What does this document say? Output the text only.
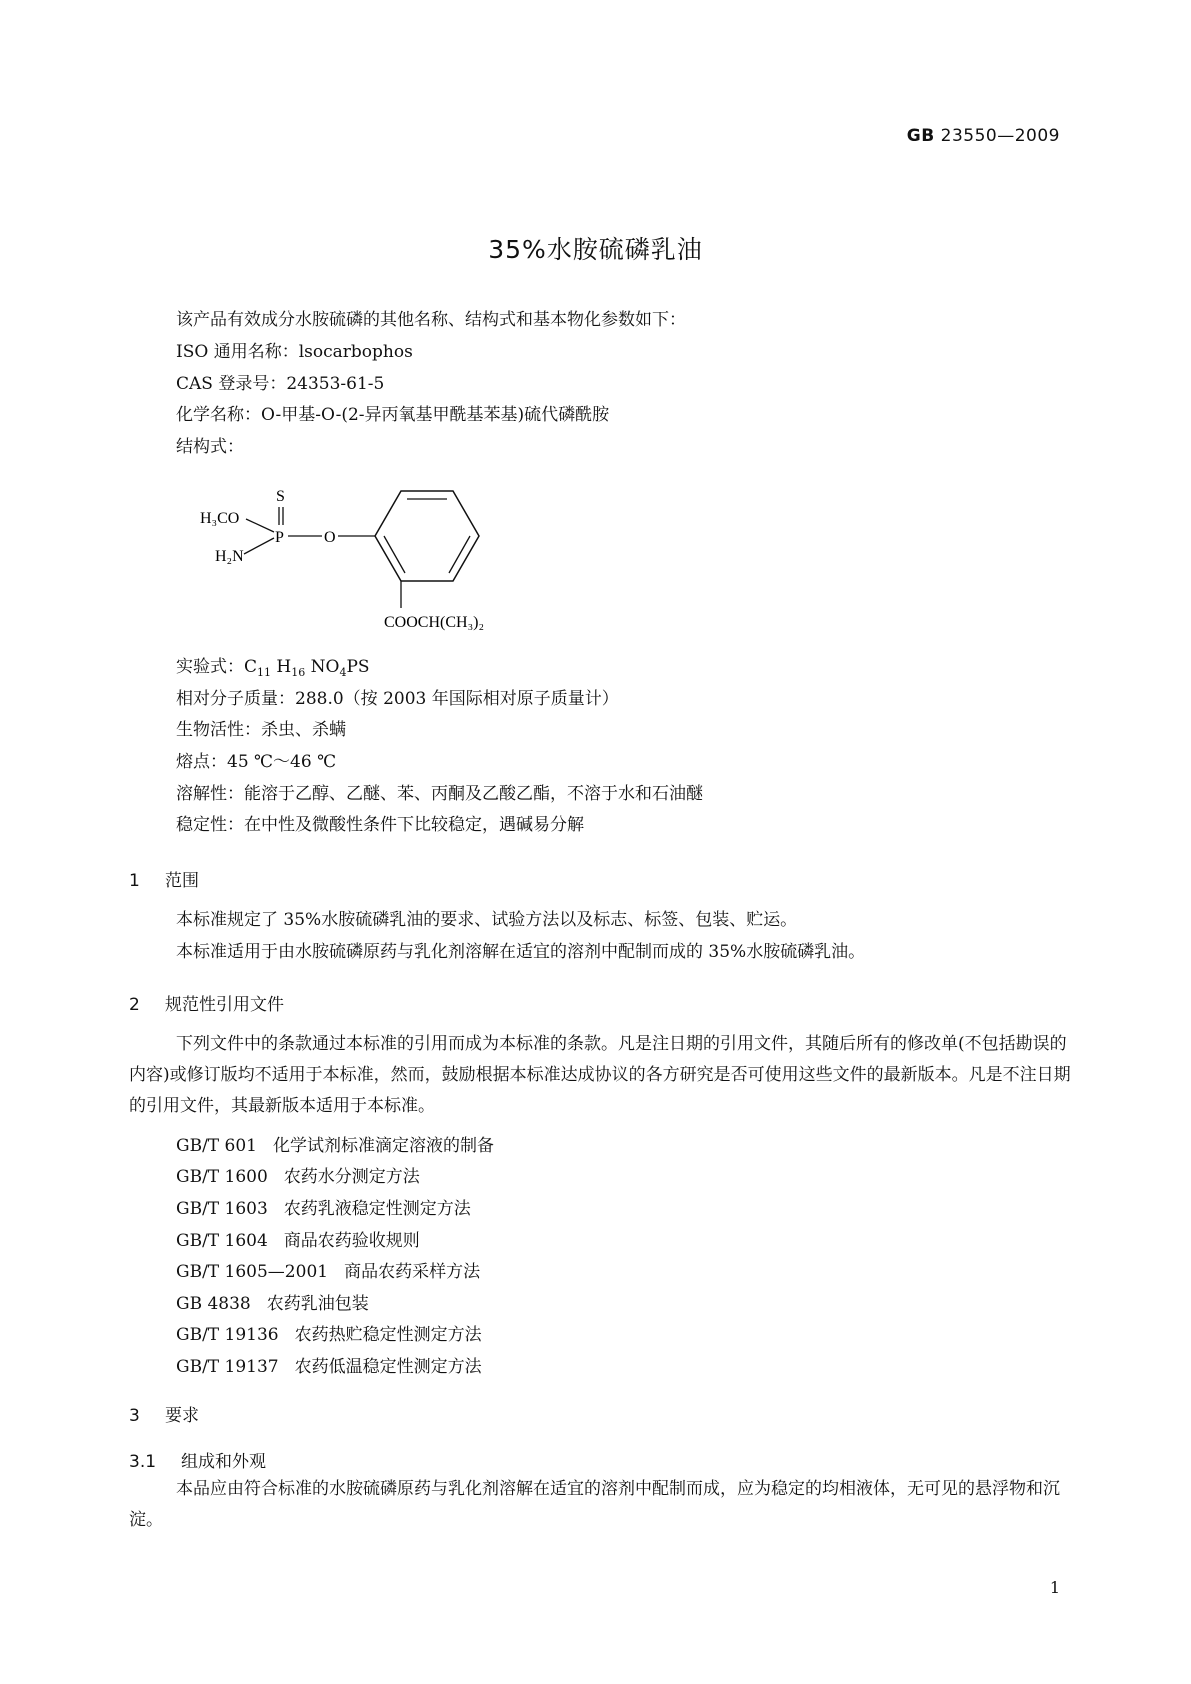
GB 23550—2009
35%水胺硫磷乳油
该产品有效成分水胺硫磷的其他名称、结构式和基本物化参数如下：
ISO 通用名称：lsocarbophos
CAS 登录号：24353-61-5
化学名称：O-甲基-O-(2-异丙氧基甲酰基苯基)硫代磷酰胺
结构式：
S
P
H₃CO
H₂N
O
COOCH(CH₃)₂
实验式：$C_{11}$ $H_{16}$ $NO_4PS$
相对分子质量：288.0（按 2003 年国际相对原子质量计）
生物活性：杀虫、杀螨
熔点：45 ℃～46 ℃
溶解性：能溶于乙醇、乙醚、苯、丙酮及乙酸乙酯，不溶于水和石油醚
稳定性：在中性及微酸性条件下比较稳定，遇碱易分解
1 范围
本标准规定了 35%水胺硫磷乳油的要求、试验方法以及标志、标签、包装、贮运。
本标准适用于由水胺硫磷原药与乳化剂溶解在适宜的溶剂中配制而成的 35%水胺硫磷乳油。
2 规范性引用文件
下列文件中的条款通过本标准的引用而成为本标准的条款。凡是注日期的引用文件，其随后所有的修改单(不包括勘误的内容)或修订版均不适用于本标准，然而，鼓励根据本标准达成协议的各方研究是否可使用这些文件的最新版本。凡是不注日期的引用文件，其最新版本适用于本标准。
GB/T 601 化学试剂标准滴定溶液的制备
GB/T 1600 农药水分测定方法
GB/T 1603 农药乳液稳定性测定方法
GB/T 1604 商品农药验收规则
GB/T 1605—2001 商品农药采样方法
GB 4838 农药乳油包装
GB/T 19136 农药热贮稳定性测定方法
GB/T 19137 农药低温稳定性测定方法
3 要求
3.1 组成和外观
本品应由符合标准的水胺硫磷原药与乳化剂溶解在适宜的溶剂中配制而成，应为稳定的均相液体，无可见的悬浮物和沉淀。
1
